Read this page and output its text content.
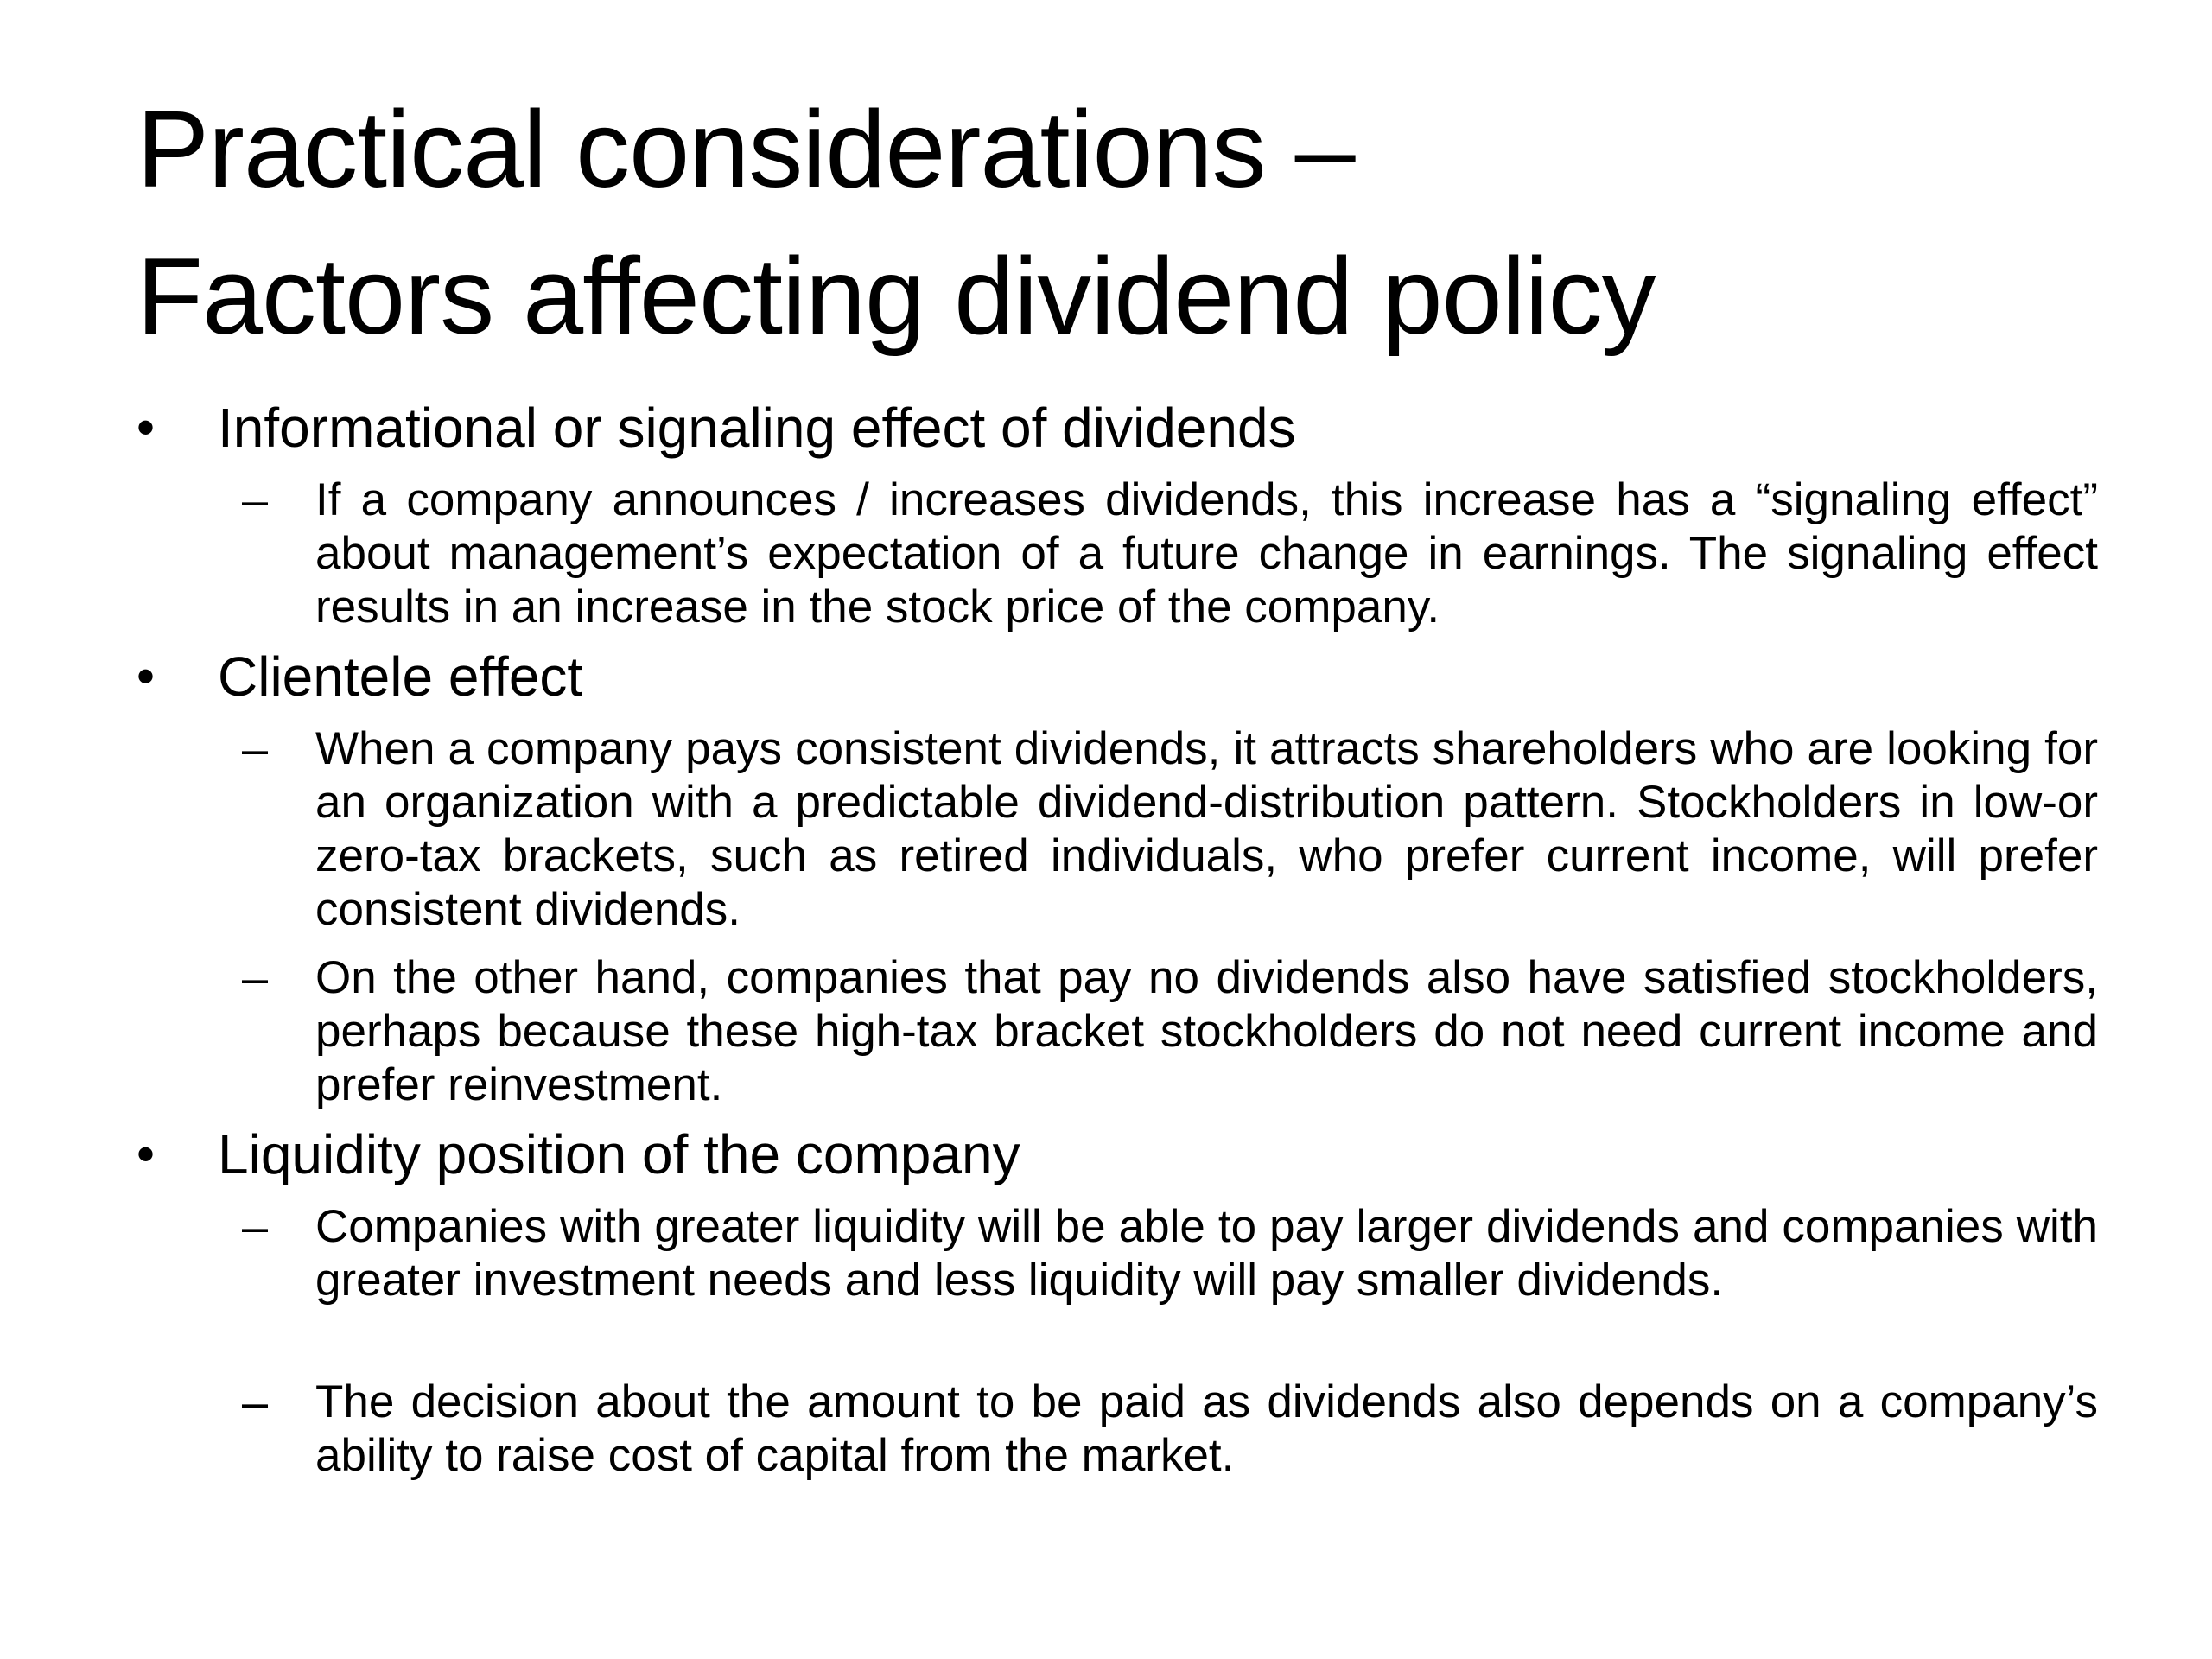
Practical considerations –
Factors affecting dividend policy
• Informational or signaling effect of dividends
– If a company announces / increases dividends, this increase has a “signaling effect” about management’s expectation of a future change in earnings. The signaling effect results in an increase in the stock price of the company.

• Clientele effect
– When a company pays consistent dividends, it attracts shareholders who are looking for an organization with a predictable dividend-distribution pattern. Stockholders in low-or zero-tax brackets, such as retired individuals, who prefer current income, will prefer consistent dividends.

– On the other hand, companies that pay no dividends also have satisfied stockholders, perhaps because these high-tax bracket stockholders do not need current income and prefer reinvestment.

• Liquidity position of the company
– Companies with greater liquidity will be able to pay larger dividends and companies with greater investment needs and less liquidity will pay smaller dividends.

– The decision about the amount to be paid as dividends also depends on a company’s ability to raise cost of capital from the market.
